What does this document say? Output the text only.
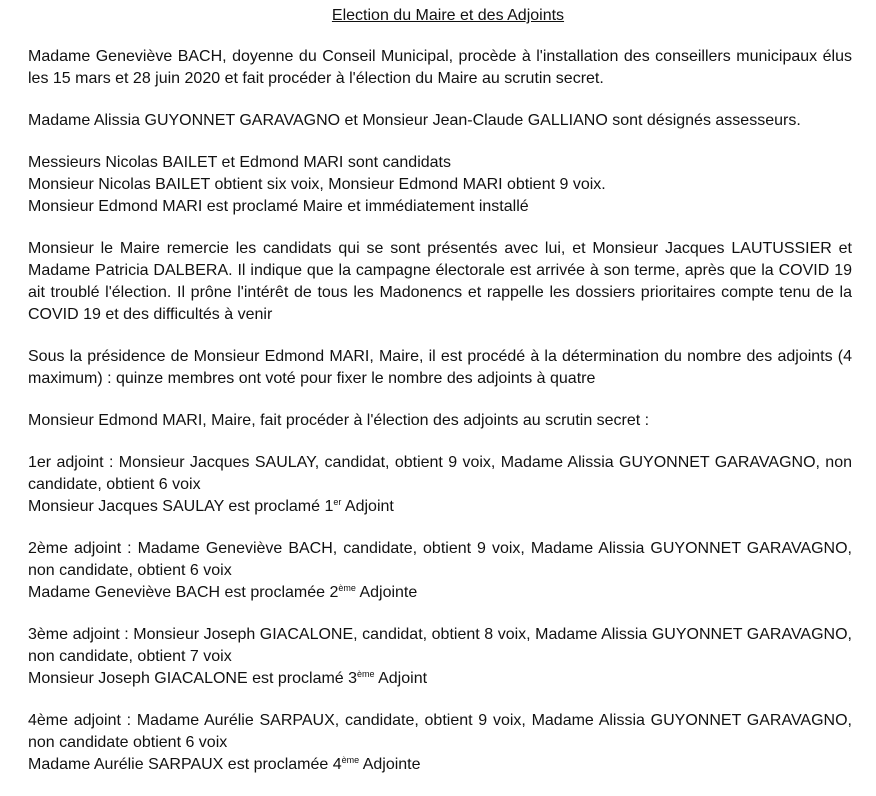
Election du Maire et des Adjoints
Madame Geneviève BACH, doyenne du Conseil Municipal, procède à l'installation des conseillers municipaux élus les 15 mars et 28 juin 2020 et fait procéder à l'élection du Maire au scrutin secret.
Madame Alissia GUYONNET GARAVAGNO et Monsieur Jean-Claude GALLIANO sont désignés assesseurs.
Messieurs Nicolas BAILET et Edmond MARI sont candidats
Monsieur Nicolas BAILET obtient six voix, Monsieur Edmond MARI obtient 9 voix.
Monsieur Edmond MARI est proclamé Maire et immédiatement installé
Monsieur le Maire remercie les candidats qui se sont présentés avec lui, et Monsieur Jacques LAUTUSSIER et Madame Patricia DALBERA. Il indique que la campagne électorale est arrivée à son terme, après que la COVID 19 ait troublé l'élection. Il prône l'intérêt de tous les Madonencs et rappelle les dossiers prioritaires compte tenu de la COVID 19 et des difficultés à venir
Sous la présidence de Monsieur Edmond MARI, Maire, il est procédé à la détermination du nombre des adjoints (4 maximum) : quinze membres ont voté pour fixer le nombre des adjoints à quatre
Monsieur Edmond MARI, Maire, fait procéder à l'élection des adjoints au scrutin secret :
1er adjoint : Monsieur Jacques SAULAY, candidat, obtient 9 voix, Madame Alissia GUYONNET GARAVAGNO, non candidate, obtient 6 voix
Monsieur Jacques SAULAY est proclamé 1er Adjoint
2ème adjoint : Madame Geneviève BACH, candidate, obtient 9 voix, Madame Alissia GUYONNET GARAVAGNO, non candidate, obtient 6 voix
Madame Geneviève BACH est proclamée 2ème Adjointe
3ème adjoint : Monsieur Joseph GIACALONE, candidat, obtient 8 voix, Madame Alissia GUYONNET GARAVAGNO, non candidate, obtient 7 voix
Monsieur Joseph GIACALONE est proclamé 3ème Adjoint
4ème adjoint : Madame Aurélie SARPAUX, candidate, obtient 9 voix, Madame Alissia GUYONNET GARAVAGNO, non candidate obtient 6 voix
Madame Aurélie SARPAUX est proclamée 4ème Adjointe
